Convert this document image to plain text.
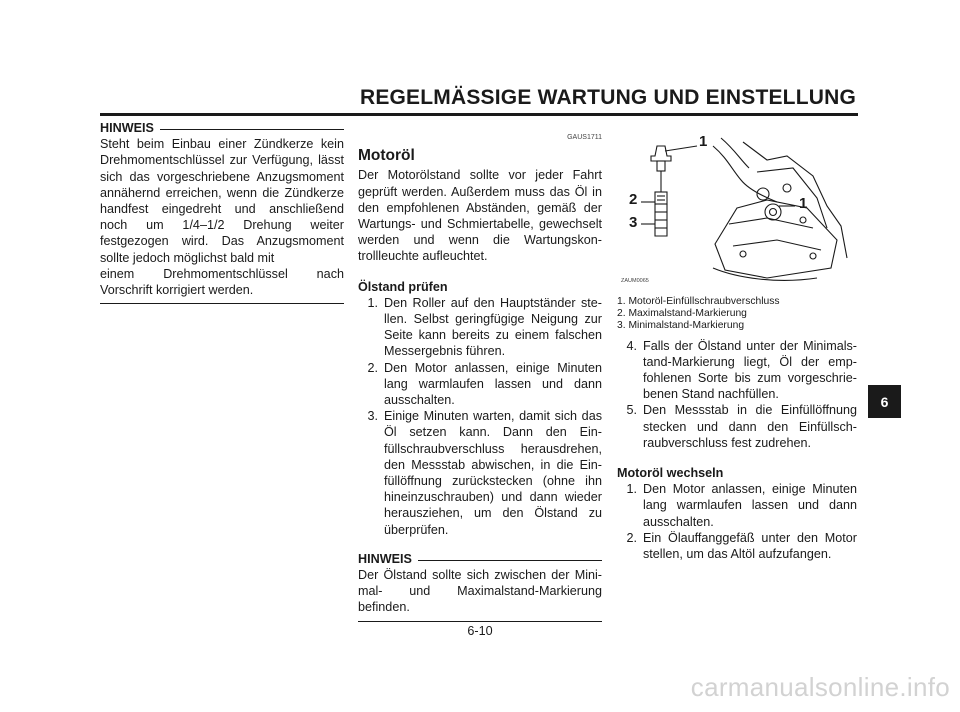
REGELMÄSSIGE WARTUNG UND EINSTELLUNG
HINWEIS
Steht beim Einbau einer Zündkerze kein Drehmomentschlüssel zur Verfügung, lässt sich das vorgeschriebene Anzugsmoment annähernd erreichen, wenn die Zündkerze handfest eingedreht und anschließend noch um 1/4–1/2 Drehung weiter festgezogen wird. Das Anzugsmoment sollte jedoch möglichst bald mit
einem Drehmomentschlüssel nach
Vorschrift korrigiert werden.
GAUS1711
Motoröl
Der Motorölstand sollte vor jeder Fahrt geprüft werden. Außerdem muss das Öl in den empfohlenen Abständen, gemäß der Wartungs- und Schmiertabelle, gewechselt werden und wenn die Wartungskontrollleuchte aufleuchtet.
Ölstand prüfen
1. Den Roller auf den Hauptständer stellen. Selbst geringfügige Neigung zur Seite kann bereits zu einem falschen Messergebnis führen.
2. Den Motor anlassen, einige Minuten lang warmlaufen lassen und dann ausschalten.
3. Einige Minuten warten, damit sich das Öl setzen kann. Dann den Einfüllschraubverschluss herausdrehen, den Messstab abwischen, in die Einfüllöffnung zurückstecken (ohne ihn hineinzuschrauben) und dann wieder herausziehen, um den Ölstand zu überprüfen.
HINWEIS
Der Ölstand sollte sich zwischen der Minimal- und Maximalstand-Markierung
befinden.
1
2
3
1
ZAUM0065
1. Motoröl-Einfüllschraubverschluss
2. Maximalstand-Markierung
3. Minimalstand-Markierung
4. Falls der Ölstand unter der Minimalstand-Markierung liegt, Öl der empfohlenen Sorte bis zum vorgeschriebenen Stand nachfüllen.
5. Den Messstab in die Einfüllöffnung stecken und dann den Einfüllschraubverschluss fest zudrehen.
Motoröl wechseln
1. Den Motor anlassen, einige Minuten lang warmlaufen lassen und dann ausschalten.
2. Ein Ölauffanggefäß unter den Motor stellen, um das Altöl aufzufangen.
6
6-10
carmanualsonline.info
